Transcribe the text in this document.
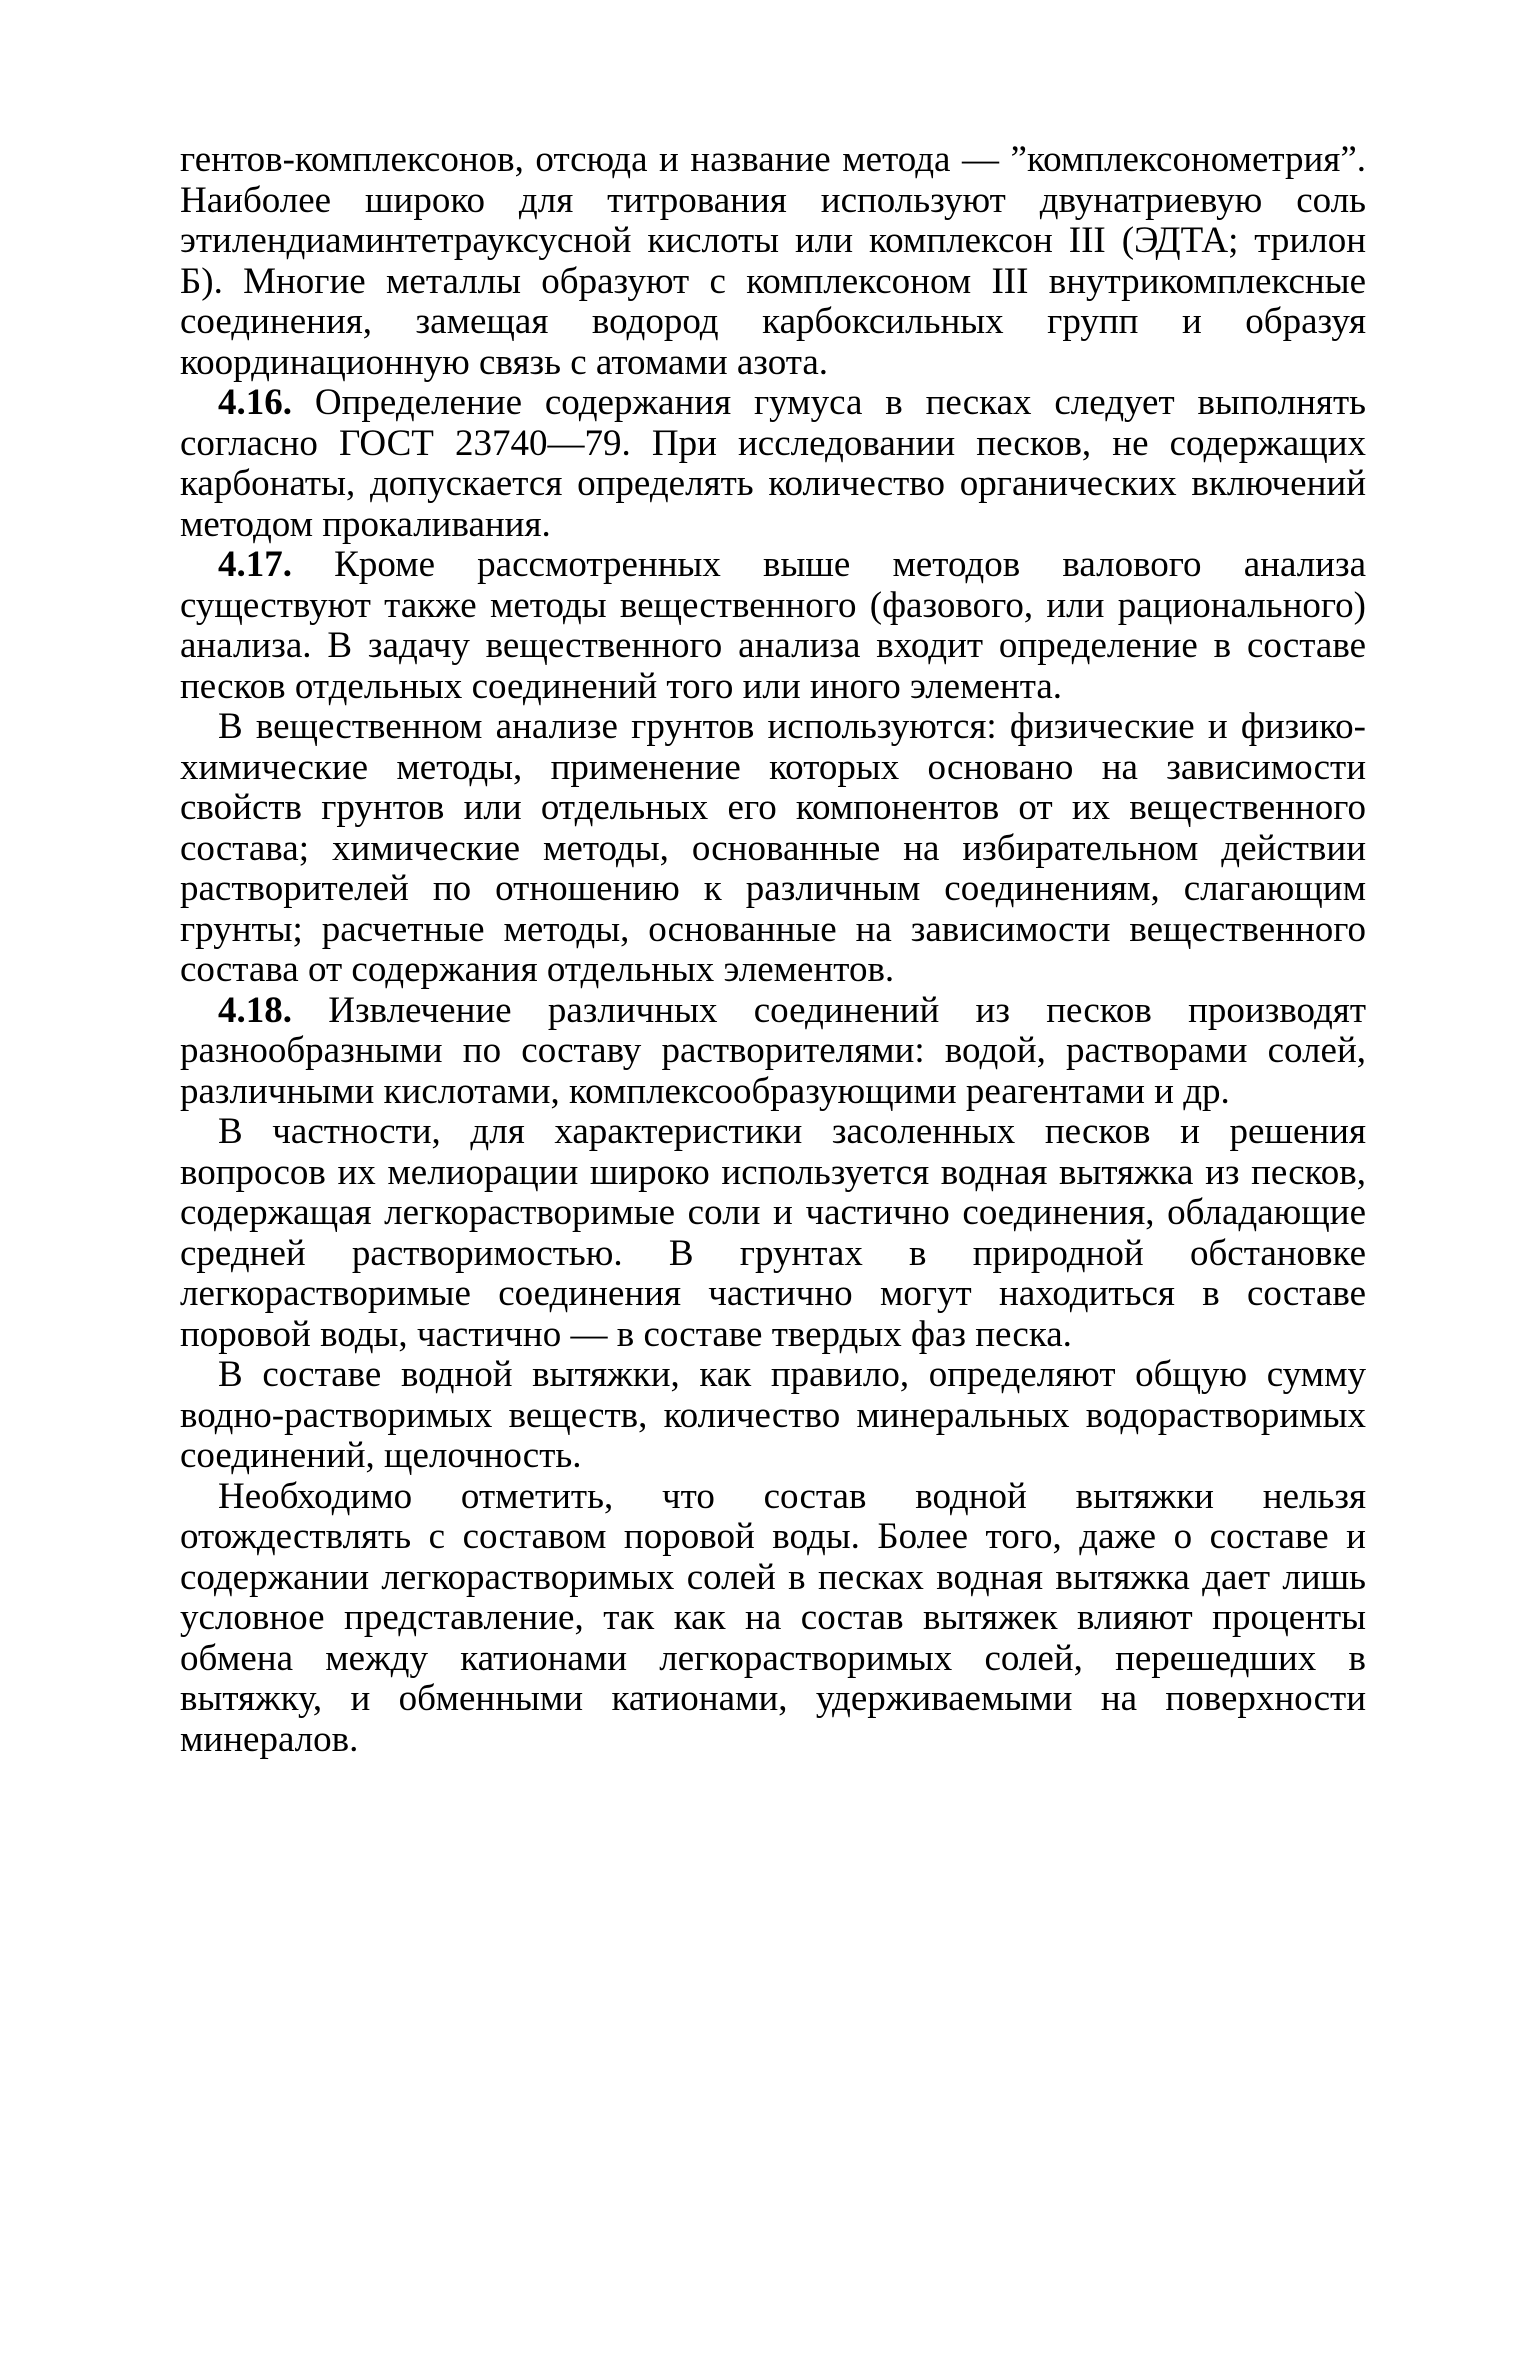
гентов-комплексонов, отсюда и название метода — ”комплексонометрия”. Наиболее широко для титрования используют двунатриевую соль этилендиаминтетрауксусной кислоты или комплексон III (ЭДТА; трилон Б). Многие металлы образуют с комплексоном III внутрикомплексные соединения, замещая водород карбоксильных групп и образуя координационную связь с атомами азота.

4.16. Определение содержания гумуса в песках следует выполнять согласно ГОСТ 23740—79. При исследовании песков, не содержащих карбонаты, допускается определять количество органических включений методом прокаливания.

4.17. Кроме рассмотренных выше методов валового анализа существуют также методы вещественного (фазового, или рационального) анализа. В задачу вещественного анализа входит определение в составе песков отдельных соединений того или иного элемента.

В вещественном анализе грунтов используются: физические и физико-химические методы, применение которых основано на зависимости свойств грунтов или отдельных его компонентов от их вещественного состава; химические методы, основанные на избирательном действии растворителей по отношению к различным соединениям, слагающим грунты; расчетные методы, основанные на зависимости вещественного состава от содержания отдельных элементов.

4.18. Извлечение различных соединений из песков производят разнообразными по составу растворителями: водой, растворами солей, различными кислотами, комплексообразующими реагентами и др.

В частности, для характеристики засоленных песков и решения вопросов их мелиорации широко используется водная вытяжка из песков, содержащая легкорастворимые соли и частично соединения, обладающие средней растворимостью. В грунтах в природной обстановке легкорастворимые соединения частично могут находиться в составе поровой воды, частично — в составе твердых фаз песка.

В составе водной вытяжки, как правило, определяют общую сумму водно-растворимых веществ, количество минеральных водорастворимых соединений, щелочность.

Необходимо отметить, что состав водной вытяжки нельзя отождествлять с составом поровой воды. Более того, даже о составе и содержании легкорастворимых солей в песках водная вытяжка дает лишь условное представление, так как на состав вытяжек влияют проценты обмена между катионами легкорастворимых солей, перешедших в вытяжку, и обменными катионами, удерживаемыми на поверхности минералов.
